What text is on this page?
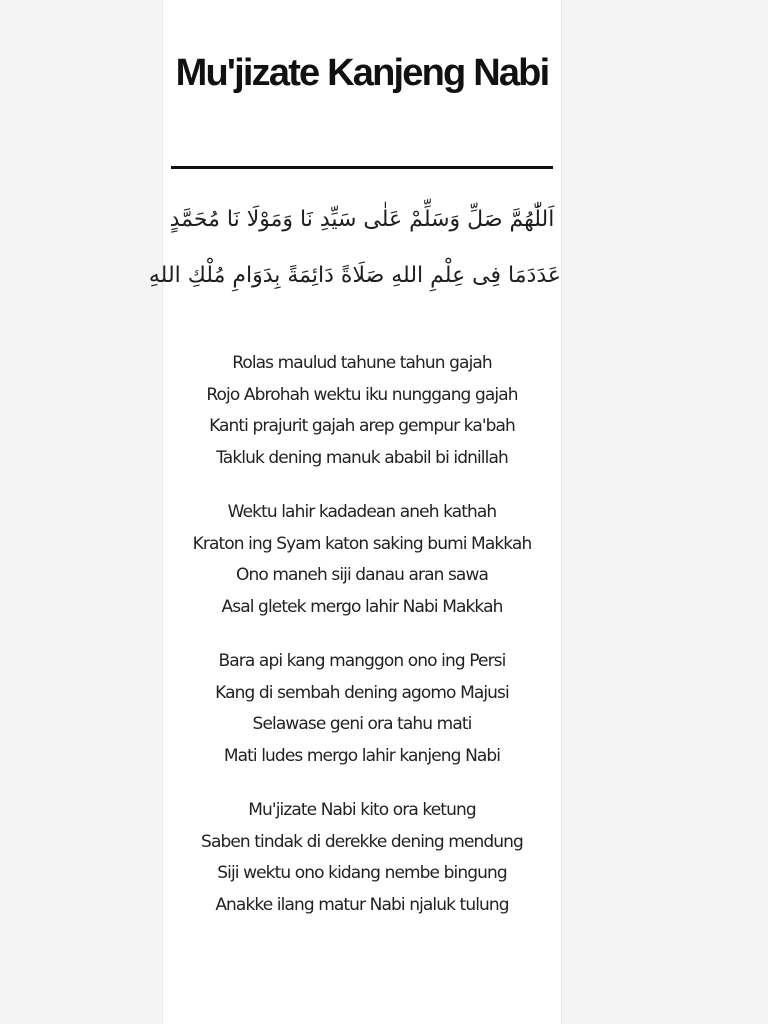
Mu'jizate Kanjeng Nabi
اَللّٰهُمَّ صَلِّ وَسَلِّمْ عَلٰى سَيِّدِ نَا وَمَوْلَا نَا مُحَمَّدٍ
عَدَدَمَا فِى عِلْمِ اللهِ صَلَاةً دَائِمَةً بِدَوَامِ مُلْكِ اللهِ
Rolas maulud tahune tahun gajah
Rojo Abrohah wektu iku nunggang gajah
Kanti prajurit gajah arep gempur ka'bah
Takluk dening manuk ababil bi idnillah
Wektu lahir kadadean aneh kathah
Kraton ing Syam katon saking bumi Makkah
Ono maneh siji danau aran sawa
Asal gletek mergo lahir Nabi Makkah
Bara api kang manggon ono ing Persi
Kang di sembah dening agomo Majusi
Selawase geni ora tahu mati
Mati ludes mergo lahir kanjeng Nabi
Mu'jizate Nabi kito ora ketung
Saben tindak di derekke dening mendung
Siji wektu ono kidang nembe bingung
Anakke ilang matur Nabi njaluk tulung
